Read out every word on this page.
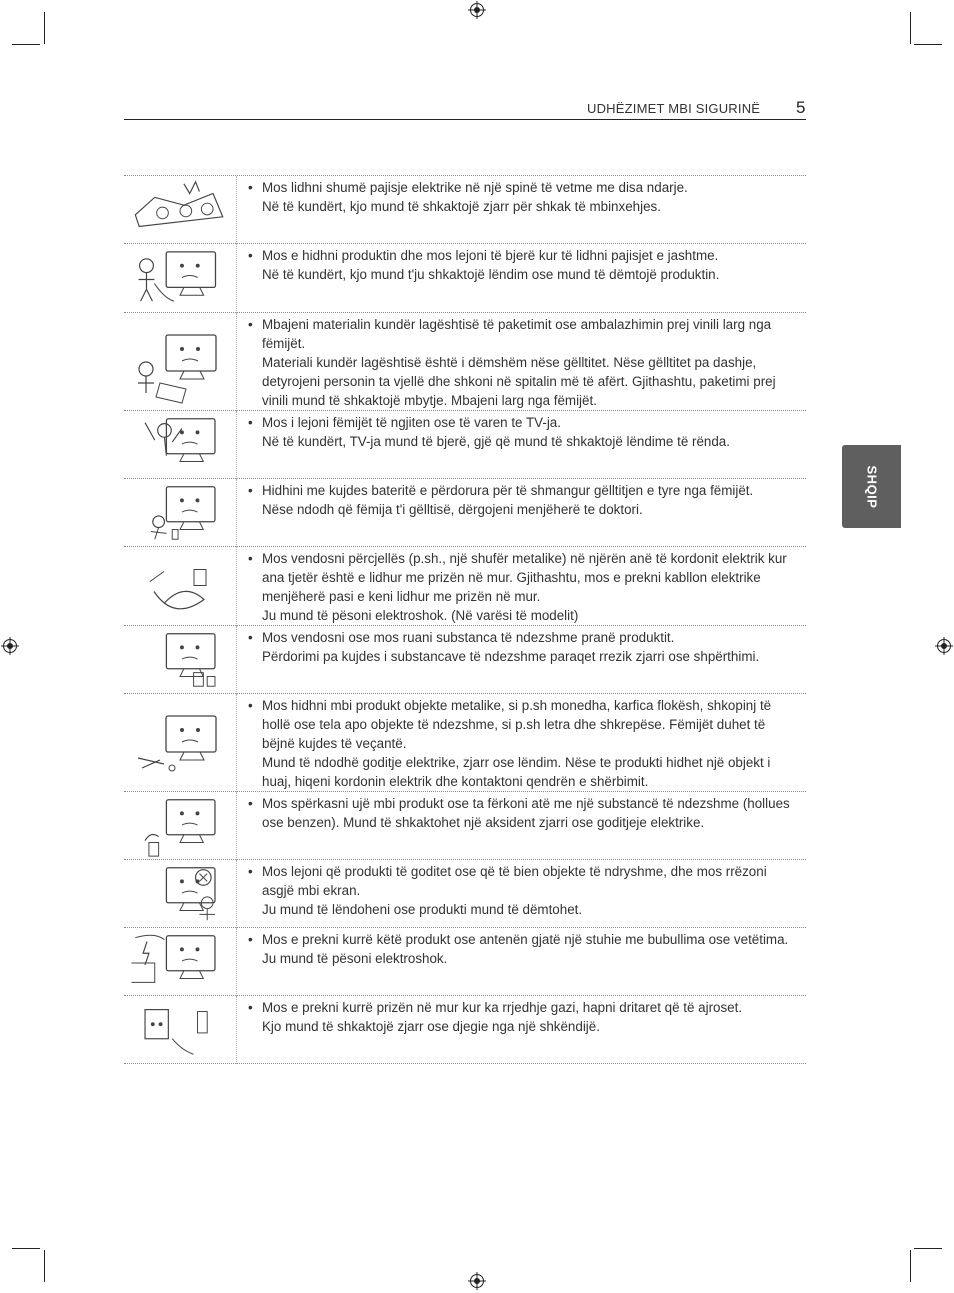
UDHËZIMET MBI SIGURINË 5
SHQIP
• Mos lidhni shumë pajisje elektrike në një spinë të vetme me disa ndarje.
Në të kundërt, kjo mund të shkaktojë zjarr për shkak të mbinxehjes.
• Mos e hidhni produktin dhe mos lejoni të bjerë kur të lidhni pajisjet e jashtme.
Në të kundërt, kjo mund t'ju shkaktojë lëndim ose mund të dëmtojë produktin.
• Mbajeni materialin kundër lagështisë të paketimit ose ambalazhimin prej vinili larg nga fëmijët.
Materiali kundër lagështisë është i dëmshëm nëse gëlltitet. Nëse gëlltitet pa dashje, detyrojeni personin ta vjellë dhe shkoni në spitalin më të afërt. Gjithashtu, paketimi prej vinili mund të shkaktojë mbytje. Mbajeni larg nga fëmijët.
• Mos i lejoni fëmijët të ngjiten ose të varen te TV-ja.
Në të kundërt, TV-ja mund të bjerë, gjë që mund të shkaktojë lëndime të rënda.
• Hidhini me kujdes bateritë e përdorura për të shmangur gëlltitjen e tyre nga fëmijët.
Nëse ndodh që fëmija t'i gëlltisë, dërgojeni menjëherë te doktori.
• Mos vendosni përcjellës (p.sh., një shufër metalike) në njërën anë të kordonit elektrik kur ana tjetër është e lidhur me prizën në mur. Gjithashtu, mos e prekni kabllon elektrike menjëherë pasi e keni lidhur me prizën në mur.
Ju mund të pësoni elektroshok. (Në varësi të modelit)
• Mos vendosni ose mos ruani substanca të ndezshme pranë produktit.
Përdorimi pa kujdes i substancave të ndezshme paraqet rrezik zjarri ose shpërthimi.
• Mos hidhni mbi produkt objekte metalike, si p.sh monedha, karfica flokësh, shkopinj të hollë ose tela apo objekte të ndezshme, si p.sh letra dhe shkrepëse. Fëmijët duhet të bëjnë kujdes të veçantë.
Mund të ndodhë goditje elektrike, zjarr ose lëndim. Nëse te produkti hidhet një objekt i huaj, hiqeni kordonin elektrik dhe kontaktoni qendrën e shërbimit.
• Mos spërkasni ujë mbi produkt ose ta fërkoni atë me një substancë të ndezshme (hollues ose benzen). Mund të shkaktohet një aksident zjarri ose goditjeje elektrike.
• Mos lejoni që produkti të goditet ose që të bien objekte të ndryshme, dhe mos rrëzoni asgjë mbi ekran.
Ju mund të lëndoheni ose produkti mund të dëmtohet.
• Mos e prekni kurrë këtë produkt ose antenën gjatë një stuhie me bubullima ose vetëtima.
Ju mund të pësoni elektroshok.
• Mos e prekni kurrë prizën në mur kur ka rrjedhje gazi, hapni dritaret që të ajroset.
Kjo mund të shkaktojë zjarr ose djegie nga një shkëndijë.
